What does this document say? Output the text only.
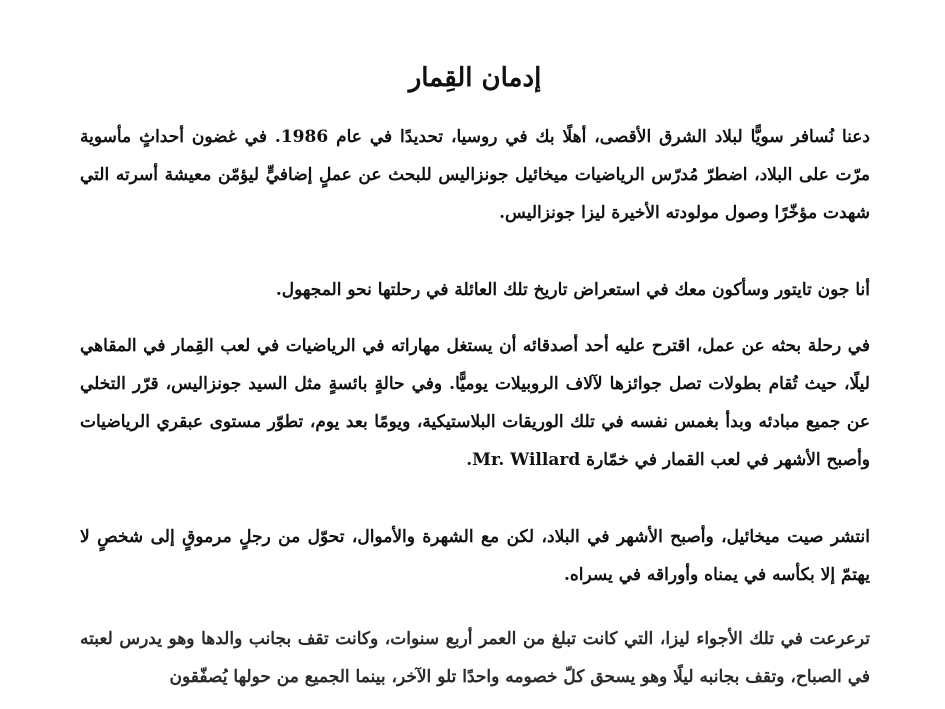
إدمان القِمار

دعنا نُسافر سويًّا لبلاد الشرق الأقصى، أهلًا بك في روسيا، تحديدًا في عام 1986. في غضون أحداثٍ مأسوية مرّت على البلاد، اضطرّ مُدرّس الرياضيات ميخائيل جونزاليس للبحث عن عملٍ إضافيٍّ ليؤمّن معيشة أسرته التي شهدت مؤخّرًا وصول مولودته الأخيرة ليزا جونزاليس.

أنا جون تايتور وسأكون معك في استعراض تاريخ تلك العائلة في رحلتها نحو المجهول.

في رحلة بحثه عن عمل، اقترح عليه أحد أصدقائه أن يستغل مهاراته في الرياضيات في لعب القِمار في المقاهي ليلًا، حيث تُقام بطولات تصل جوائزها لآلاف الروبيلات يوميًّا. وفي حالةٍ بائسةٍ مثل السيد جونزاليس، قرّر التخلي عن جميع مبادئه وبدأ بغمس نفسه في تلك الوريقات البلاستيكية، ويومًا بعد يوم، تطوّر مستوى عبقري الرياضيات وأصبح الأشهر في لعب القمار في خمّارة Mr. Willard.

انتشر صيت ميخائيل، وأصبح الأشهر في البلاد، لكن مع الشهرة والأموال، تحوّل من رجلٍ مرموقٍ إلى شخصٍ لا يهتمّ إلا بكأسه في يمناه وأوراقه في يسراه.

ترعرعت في تلك الأجواء ليزا، التي كانت تبلغ من العمر أربع سنوات، وكانت تقف بجانب والدها وهو يدرس لعبته في الصباح، وتقف بجانبه ليلًا وهو يسحق كلّ خصومه واحدًا تلو الآخر، بينما الجميع من حولها يُصفّقون
